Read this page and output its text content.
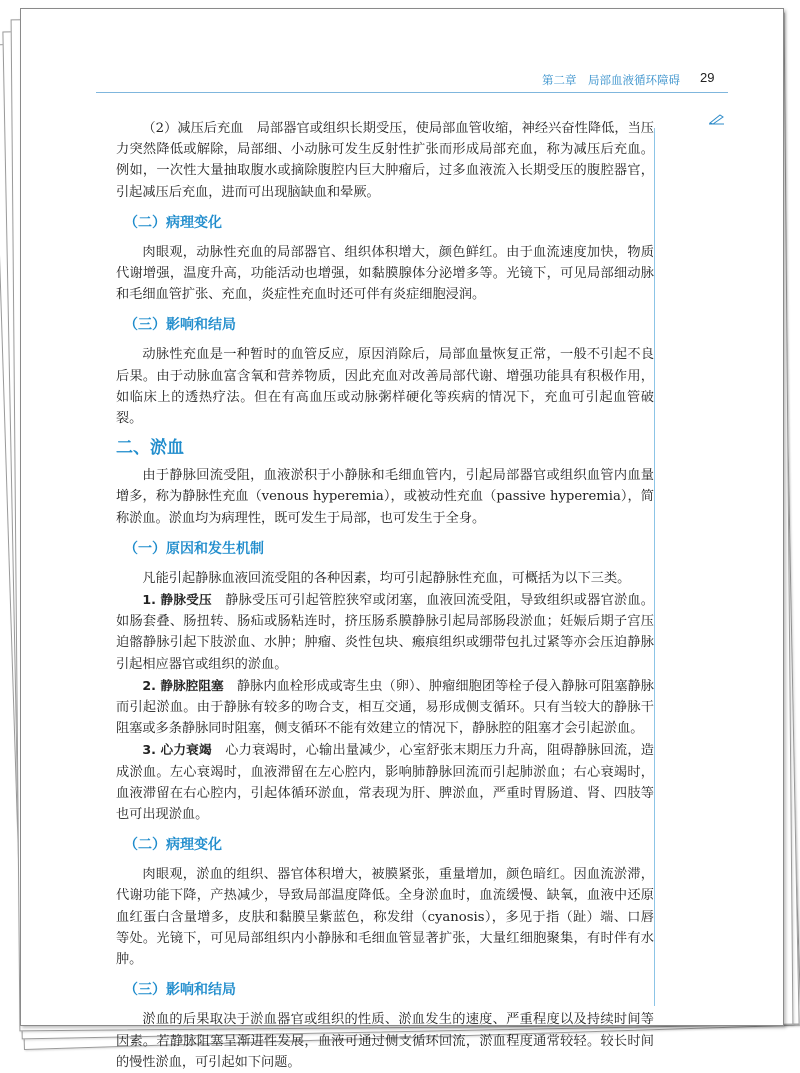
第二章　局部血液循环障碍 29

（2）减压后充血　局部器官或组织长期受压，使局部血管收缩，神经兴奋性降低，当压力突然降低或解除，局部细、小动脉可发生反射性扩张而形成局部充血，称为减压后充血。例如，一次性大量抽取腹水或摘除腹腔内巨大肿瘤后，过多血液流入长期受压的腹腔器官，引起减压后充血，进而可出现脑缺血和晕厥。

（二）病理变化

肉眼观，动脉性充血的局部器官、组织体积增大，颜色鲜红。由于血流速度加快，物质代谢增强，温度升高，功能活动也增强，如黏膜腺体分泌增多等。光镜下，可见局部细动脉和毛细血管扩张、充血，炎症性充血时还可伴有炎症细胞浸润。

（三）影响和结局

动脉性充血是一种暂时的血管反应，原因消除后，局部血量恢复正常，一般不引起不良后果。由于动脉血富含氧和营养物质，因此充血对改善局部代谢、增强功能具有积极作用，如临床上的透热疗法。但在有高血压或动脉粥样硬化等疾病的情况下，充血可引起血管破裂。

二、淤血

由于静脉回流受阻，血液淤积于小静脉和毛细血管内，引起局部器官或组织血管内血量增多，称为静脉性充血（venous hyperemia），或被动性充血（passive hyperemia），简称淤血。淤血均为病理性，既可发生于局部，也可发生于全身。

（一）原因和发生机制

凡能引起静脉血液回流受阻的各种因素，均可引起静脉性充血，可概括为以下三类。

1. 静脉受压　静脉受压可引起管腔狭窄或闭塞，血液回流受阻，导致组织或器官淤血。如肠套叠、肠扭转、肠疝或肠粘连时，挤压肠系膜静脉引起局部肠段淤血；妊娠后期子宫压迫髂静脉引起下肢淤血、水肿；肿瘤、炎性包块、瘢痕组织或绷带包扎过紧等亦会压迫静脉引起相应器官或组织的淤血。

2. 静脉腔阻塞　静脉内血栓形成或寄生虫（卵）、肿瘤细胞团等栓子侵入静脉可阻塞静脉而引起淤血。由于静脉有较多的吻合支，相互交通，易形成侧支循环。只有当较大的静脉干阻塞或多条静脉同时阻塞，侧支循环不能有效建立的情况下，静脉腔的阻塞才会引起淤血。

3. 心力衰竭　心力衰竭时，心输出量减少，心室舒张末期压力升高，阻碍静脉回流，造成淤血。左心衰竭时，血液滞留在左心腔内，影响肺静脉回流而引起肺淤血；右心衰竭时，血液滞留在右心腔内，引起体循环淤血，常表现为肝、脾淤血，严重时胃肠道、肾、四肢等也可出现淤血。

（二）病理变化

肉眼观，淤血的组织、器官体积增大，被膜紧张，重量增加，颜色暗红。因血流淤滞，代谢功能下降，产热减少，导致局部温度降低。全身淤血时，血流缓慢、缺氧，血液中还原血红蛋白含量增多，皮肤和黏膜呈紫蓝色，称发绀（cyanosis），多见于指（趾）端、口唇等处。光镜下，可见局部组织内小静脉和毛细血管显著扩张，大量红细胞聚集，有时伴有水肿。

（三）影响和结局

淤血的后果取决于淤血器官或组织的性质、淤血发生的速度、严重程度以及持续时间等因素。若静脉阻塞呈渐进性发展，血液可通过侧支循环回流，淤血程度通常较轻。较长时间的慢性淤血，可引起如下问题。
